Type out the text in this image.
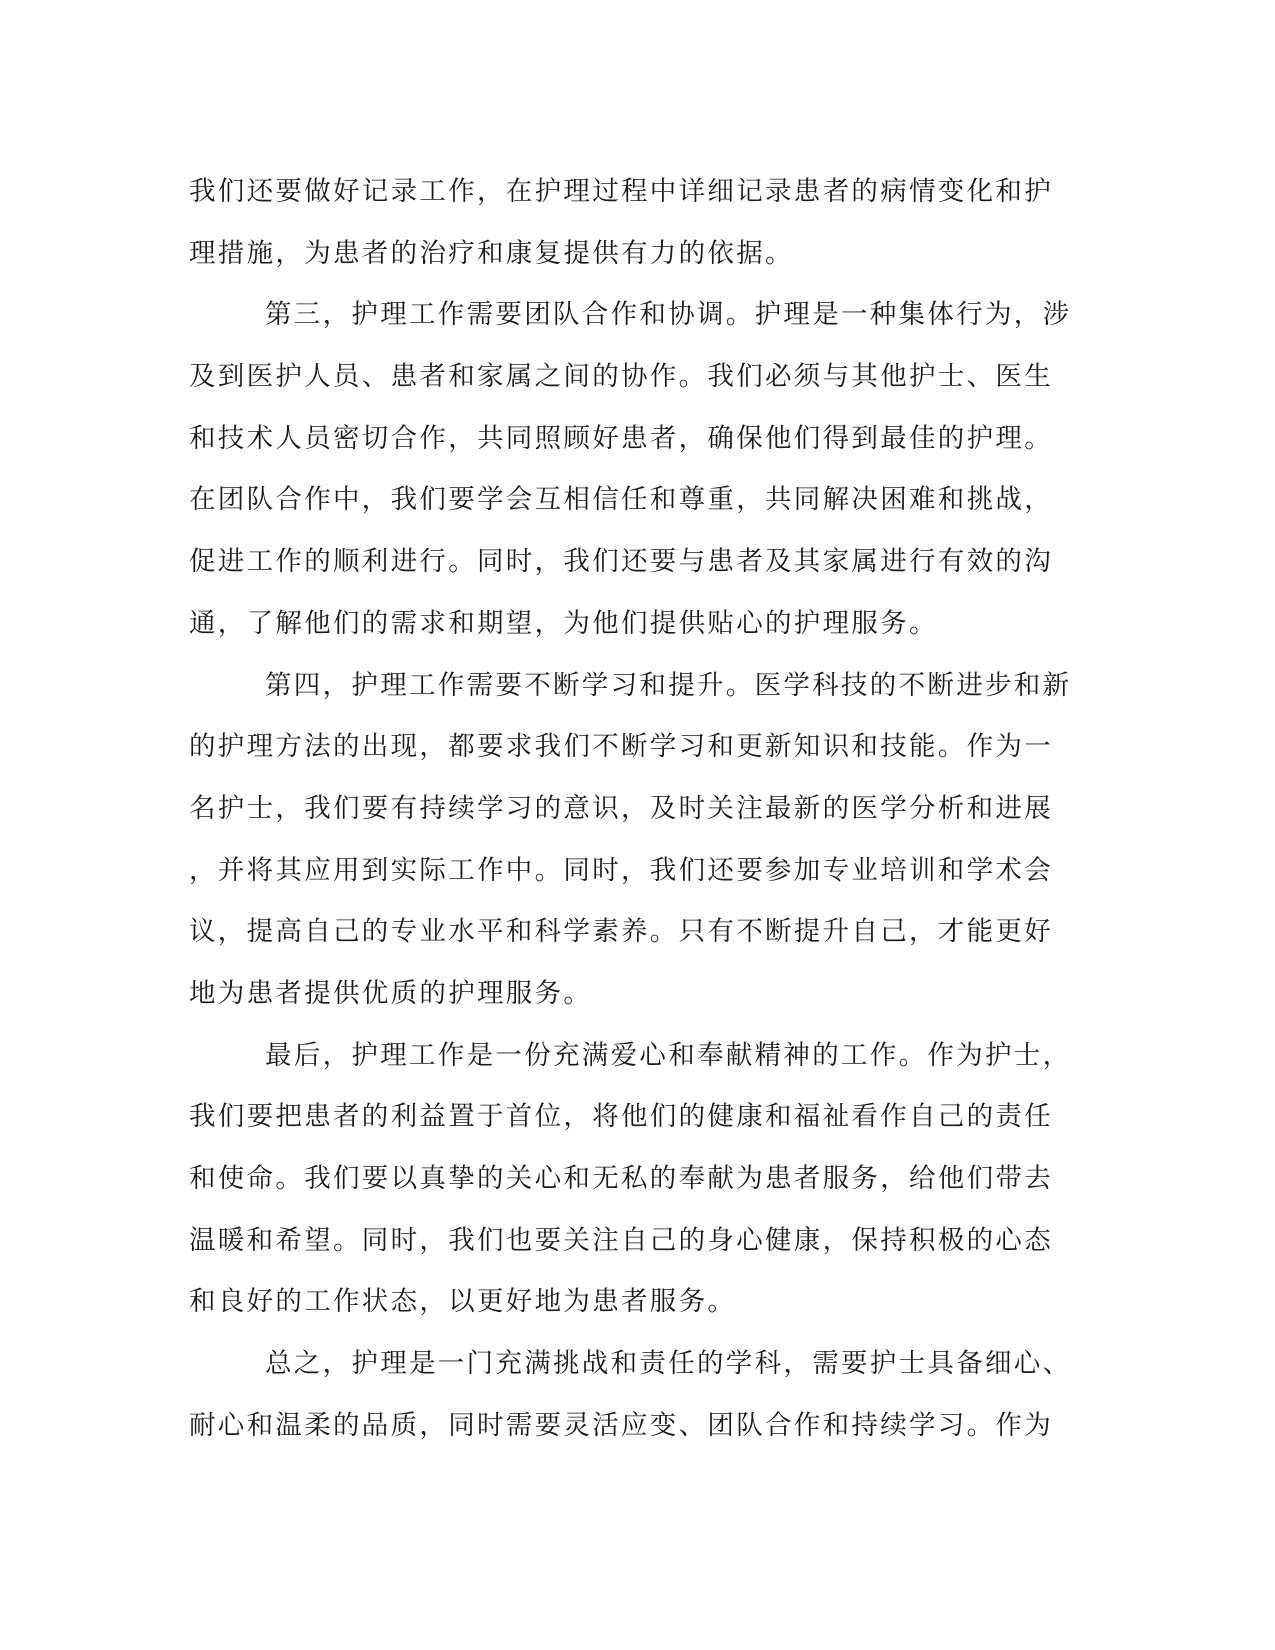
我们还要做好记录工作，在护理过程中详细记录患者的病情变化和护
理措施，为患者的治疗和康复提供有力的依据。
第三，护理工作需要团队合作和协调。护理是一种集体行为，涉
及到医护人员、患者和家属之间的协作。我们必须与其他护士、医生
和技术人员密切合作，共同照顾好患者，确保他们得到最佳的护理。
在团队合作中，我们要学会互相信任和尊重，共同解决困难和挑战，
促进工作的顺利进行。同时，我们还要与患者及其家属进行有效的沟
通，了解他们的需求和期望，为他们提供贴心的护理服务。
第四，护理工作需要不断学习和提升。医学科技的不断进步和新
的护理方法的出现，都要求我们不断学习和更新知识和技能。作为一
名护士，我们要有持续学习的意识，及时关注最新的医学分析和进展
，并将其应用到实际工作中。同时，我们还要参加专业培训和学术会
议，提高自己的专业水平和科学素养。只有不断提升自己，才能更好
地为患者提供优质的护理服务。
最后，护理工作是一份充满爱心和奉献精神的工作。作为护士，
我们要把患者的利益置于首位，将他们的健康和福祉看作自己的责任
和使命。我们要以真挚的关心和无私的奉献为患者服务，给他们带去
温暖和希望。同时，我们也要关注自己的身心健康，保持积极的心态
和良好的工作状态，以更好地为患者服务。
总之，护理是一门充满挑战和责任的学科，需要护士具备细心、
耐心和温柔的品质，同时需要灵活应变、团队合作和持续学习。作为
